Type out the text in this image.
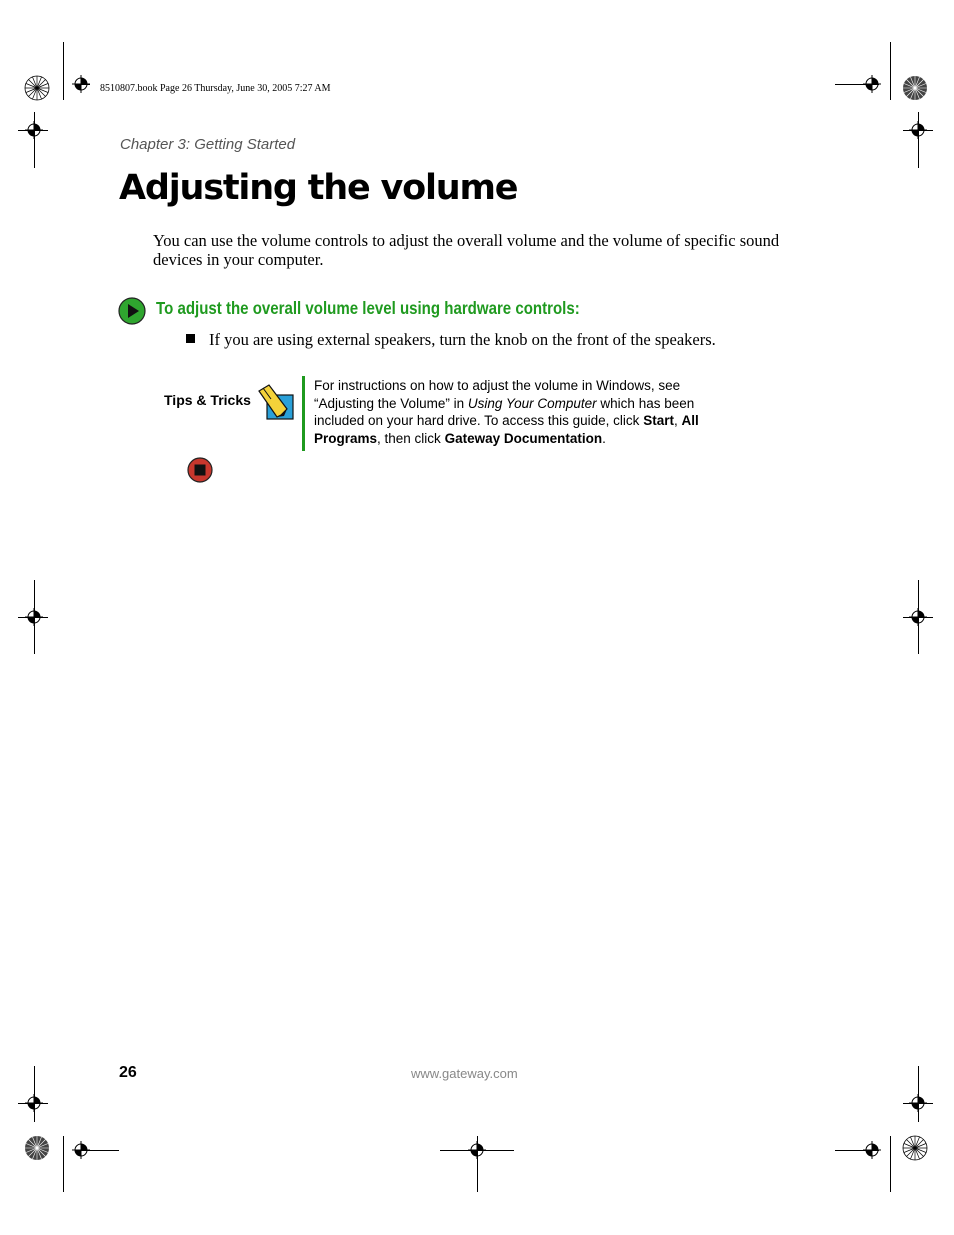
8510807.book Page 26 Thursday, June 30, 2005 7:27 AM
Chapter 3: Getting Started
Adjusting the volume
You can use the volume controls to adjust the overall volume and the volume of specific sound devices in your computer.
To adjust the overall volume level using hardware controls:
If you are using external speakers, turn the knob on the front of the speakers.
Tips & Tricks
For instructions on how to adjust the volume in Windows, see “Adjusting the Volume” in Using Your Computer which has been included on your hard drive. To access this guide, click Start, All Programs, then click Gateway Documentation.
26	www.gateway.com
